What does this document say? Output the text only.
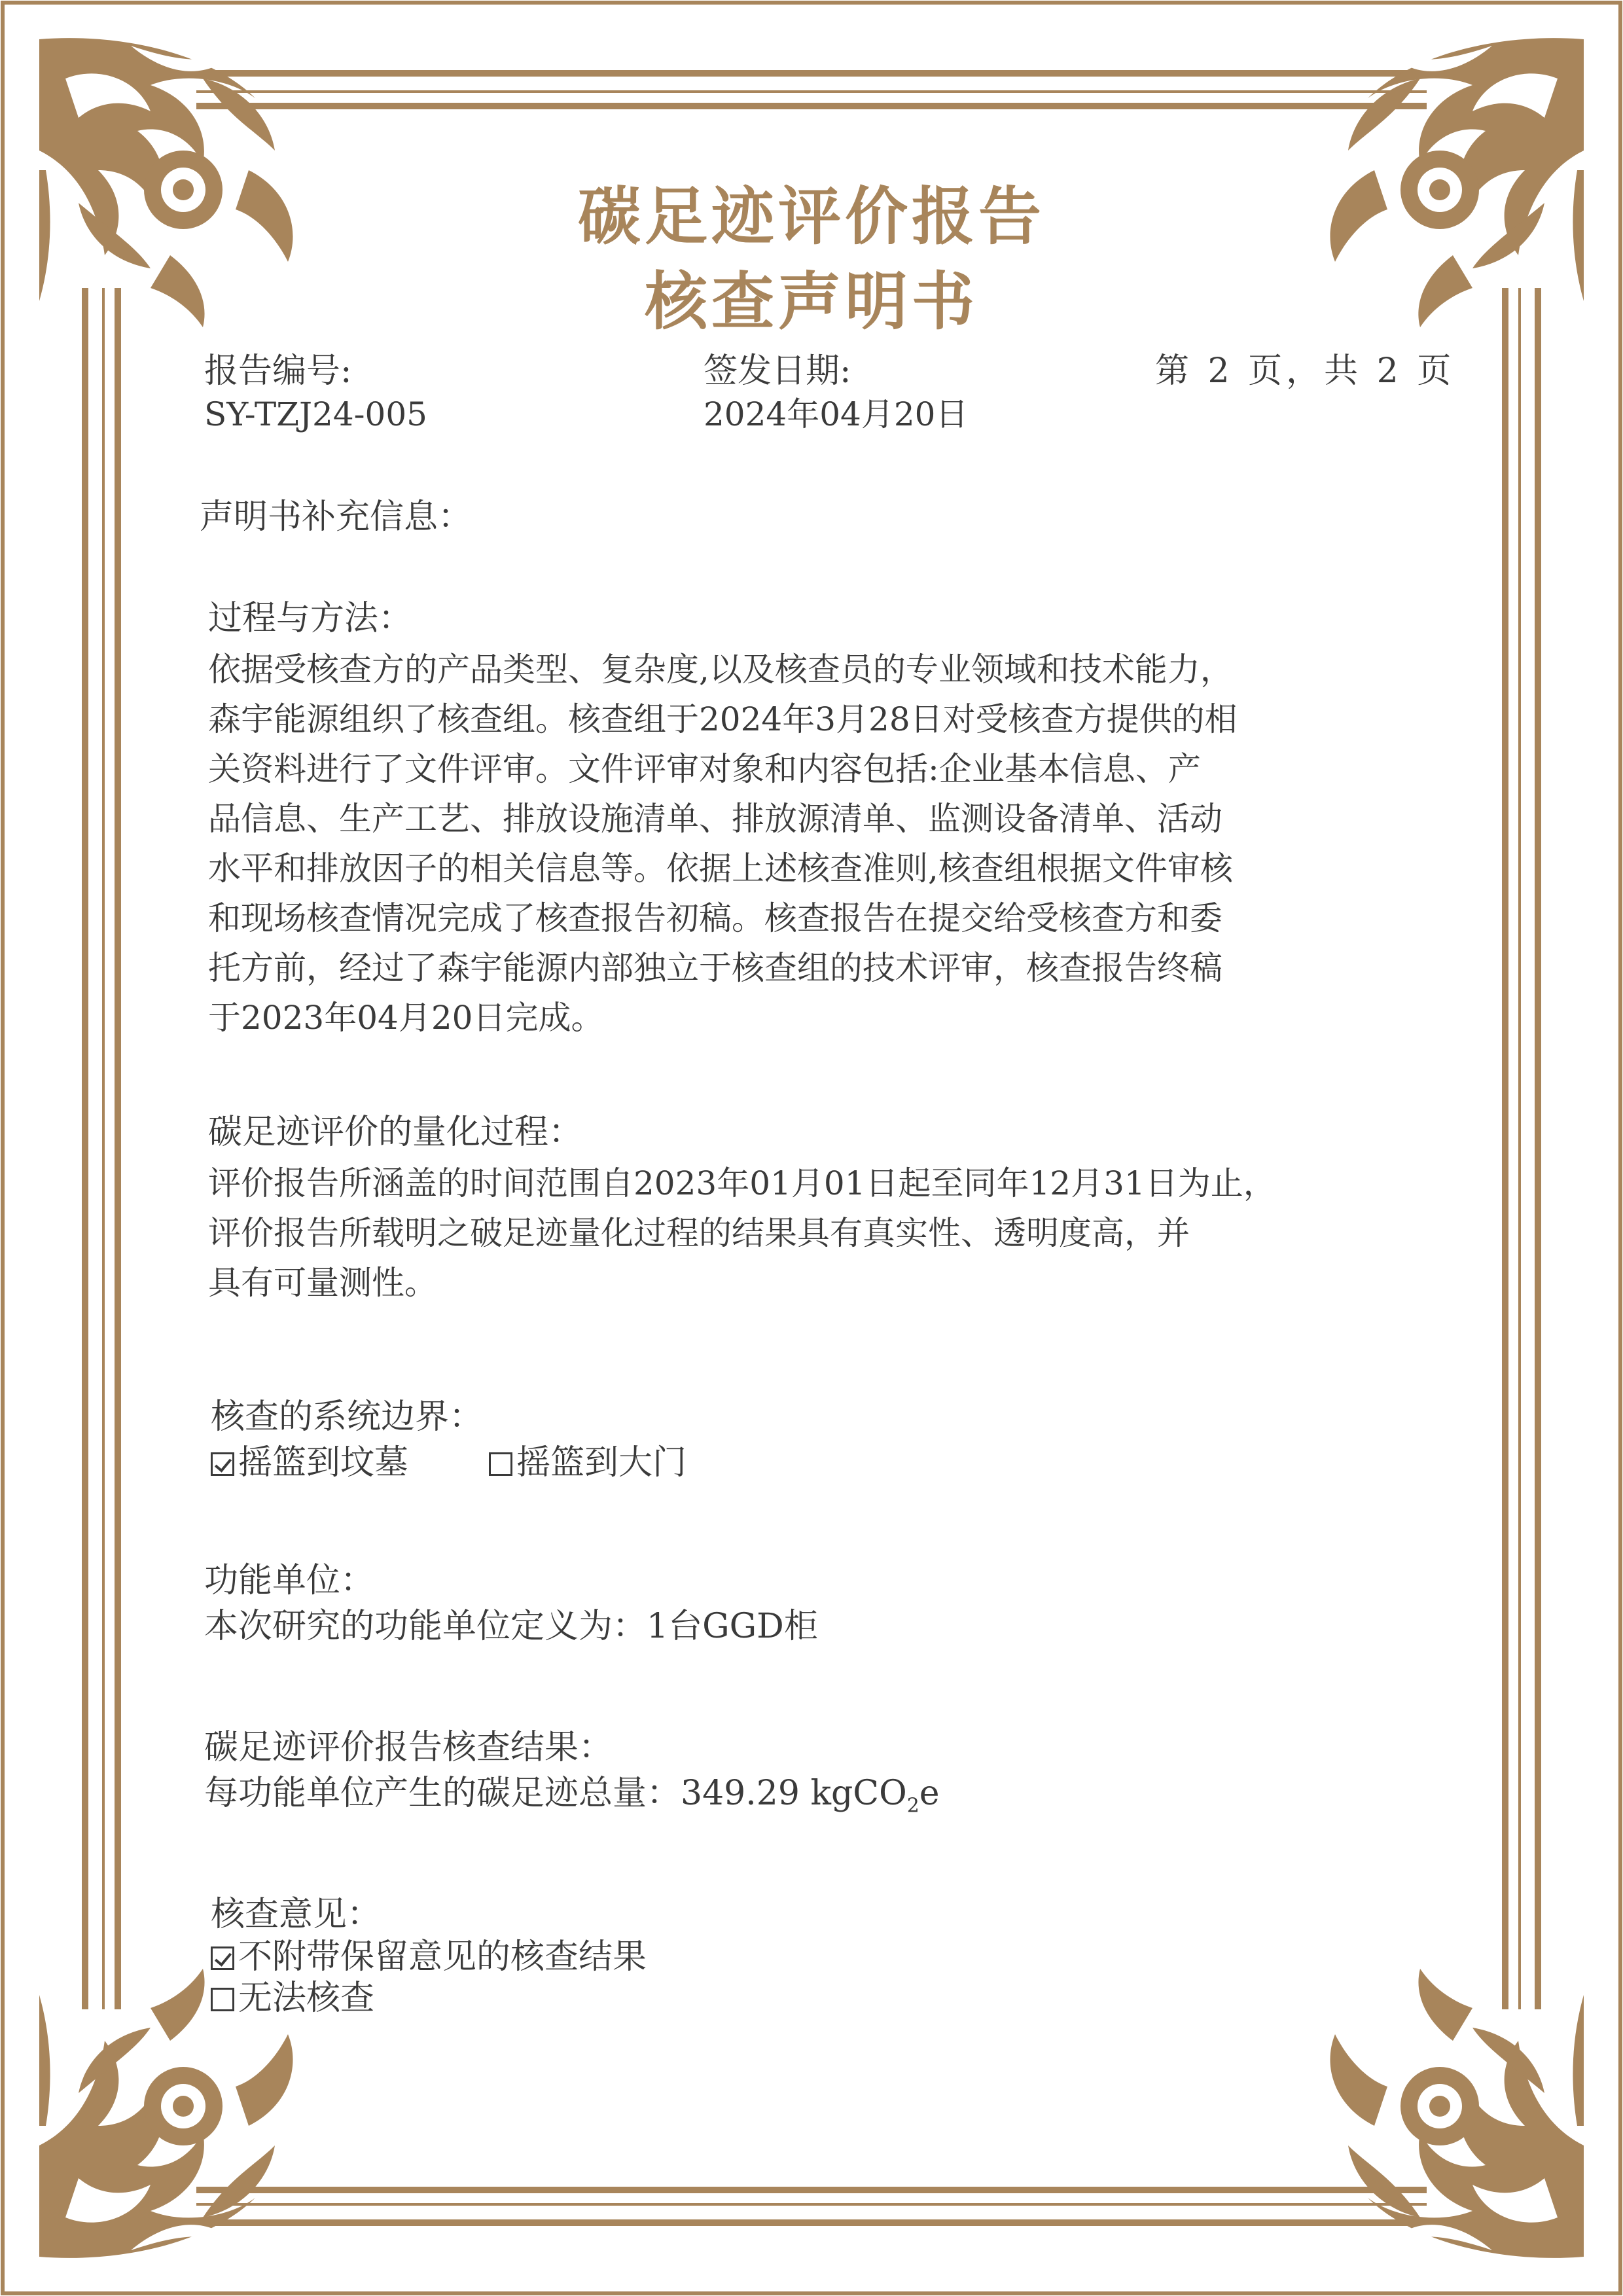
碳足迹评价报告
核查声明书
报告编号:
SY-TZJ24-005
签发日期:
2024年04月20日
第 2 页，共 2 页
声明书补充信息：
过程与方法：
依据受核查方的产品类型、复杂度,以及核查员的专业领域和技术能力，
森宇能源组织了核查组。核查组于2024年3月28日对受核查方提供的相
关资料进行了文件评审。文件评审对象和内容包括:企业基本信息、产
品信息、生产工艺、排放设施清单、排放源清单、监测设备清单、活动
水平和排放因子的相关信息等。依据上述核查准则,核查组根据文件审核
和现场核查情况完成了核查报告初稿。核查报告在提交给受核查方和委
托方前，经过了森宇能源内部独立于核查组的技术评审，核查报告终稿
于2023年04月20日完成。
碳足迹评价的量化过程：
评价报告所涵盖的时间范围自2023年01月01日起至同年12月31日为止，
评价报告所载明之破足迹量化过程的结果具有真实性、透明度高，并
具有可量测性。
核查的系统边界：
摇篮到坟墓	摇篮到大门
功能单位：
本次研究的功能单位定义为：1台GGD柜
碳足迹评价报告核查结果：
每功能单位产生的碳足迹总量：349.29 kgCO$_2$e
核查意见：
不附带保留意见的核查结果
无法核查
